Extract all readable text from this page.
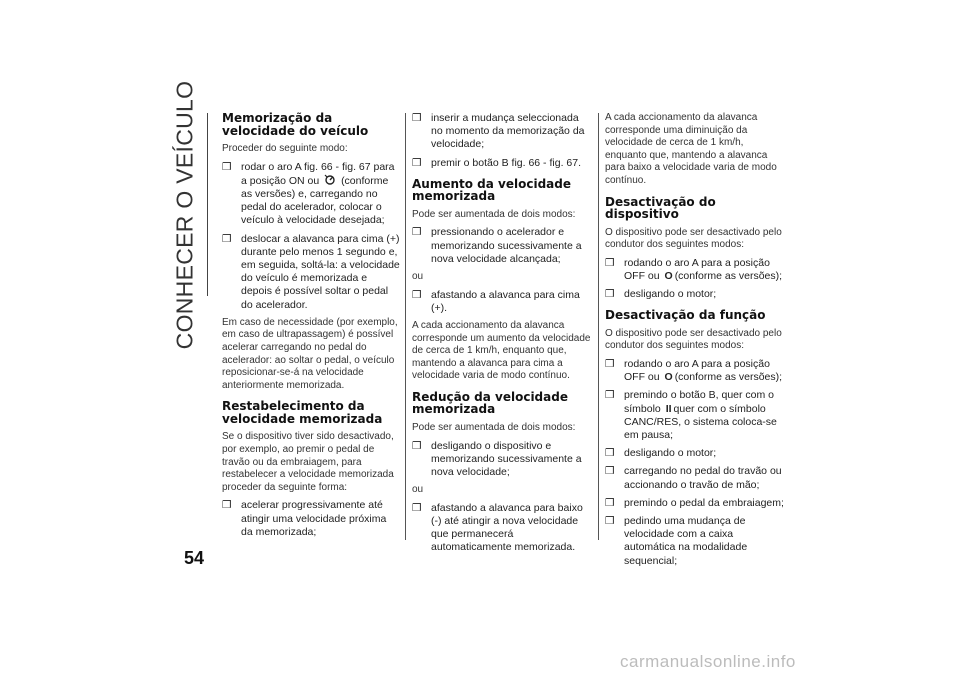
CONHECER O VEÍCULO
54
Memorização da velocidade do veículo

Proceder do seguinte modo:

❒ rodar o aro A fig. 66 - fig. 67 para a posição ON ou (conforme as versões) e, carregando no pedal do acelerador, colocar o veículo à velocidade desejada;
❒ deslocar a alavanca para cima (+) durante pelo menos 1 segundo e, em seguida, soltá-la: a velocidade do veículo é memorizada e depois é possível soltar o pedal do acelerador.

Em caso de necessidade (por exemplo, em caso de ultrapassagem) é possível acelerar carregando no pedal do acelerador: ao soltar o pedal, o veículo reposicionar-se-á na velocidade anteriormente memorizada.

Restabelecimento da velocidade memorizada

Se o dispositivo tiver sido desactivado, por exemplo, ao premir o pedal de travão ou da embraiagem, para restabelecer a velocidade memorizada proceder da seguinte forma:

❒ acelerar progressivamente até atingir uma velocidade próxima da memorizada;
❒ inserir a mudança seleccionada no momento da memorização da velocidade;
❒ premir o botão B fig. 66 - fig. 67.
Aumento da velocidade memorizada

Pode ser aumentada de dois modos:

❒ pressionando o acelerador e memorizando sucessivamente a nova velocidade alcançada;

ou

❒ afastando a alavanca para cima (+).

A cada accionamento da alavanca corresponde um aumento da velocidade de cerca de 1 km/h, enquanto que, mantendo a alavanca para cima a velocidade varia de modo contínuo.

Redução da velocidade memorizada

Pode ser aumentada de dois modos:

❒ desligando o dispositivo e memorizando sucessivamente a nova velocidade;

ou

❒ afastando a alavanca para baixo (-) até atingir a nova velocidade que permanecerá automaticamente memorizada.

A cada accionamento da alavanca corresponde uma diminuição da velocidade de cerca de 1 km/h, enquanto que, mantendo a alavanca para baixo a velocidade varia de modo contínuo.

Desactivação do dispositivo

O dispositivo pode ser desactivado pelo condutor dos seguintes modos:

❒ rodando o aro A para a posição OFF ou O (conforme as versões);
❒ desligando o motor;
Desactivação da função

O dispositivo pode ser desactivado pelo condutor dos seguintes modos:

❒ rodando o aro A para a posição OFF ou O (conforme as versões);
❒ premindo o botão B, quer com o símbolo II quer com o símbolo CANC/RES, o sistema coloca-se em pausa;
❒ desligando o motor;
❒ carregando no pedal do travão ou accionando o travão de mão;
❒ premindo o pedal da embraiagem;
❒ pedindo uma mudança de velocidade com a caixa automática na modalidade sequencial;
carmanualsonline.info
